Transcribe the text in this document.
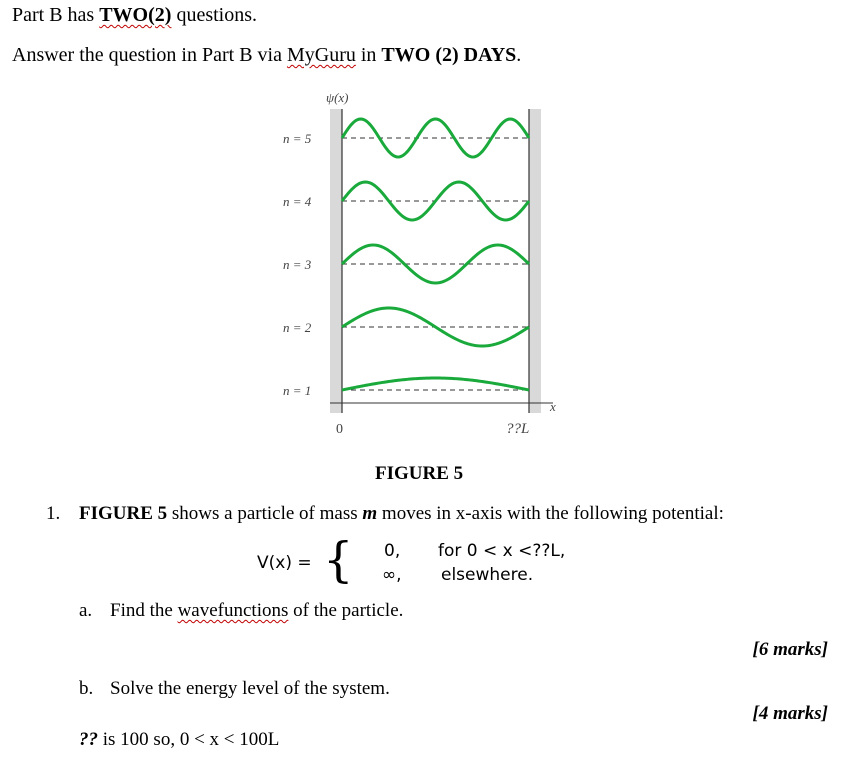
Part B has TWO(2) questions.
Answer the question in Part B via MyGuru in TWO (2) DAYS.
ψ(x)
x
0	??L
n = 5
n = 4
n = 3
n = 2
n = 1
FIGURE 5
1. FIGURE 5 shows a particle of mass m moves in x-axis with the following potential:
V(x) = { 0, for 0 < x <??L,
∞, elsewhere.
a. Find the wavefunctions of the particle.
[6 marks]
b. Solve the energy level of the system.
[4 marks]
?? is 100 so, 0 < x < 100L
